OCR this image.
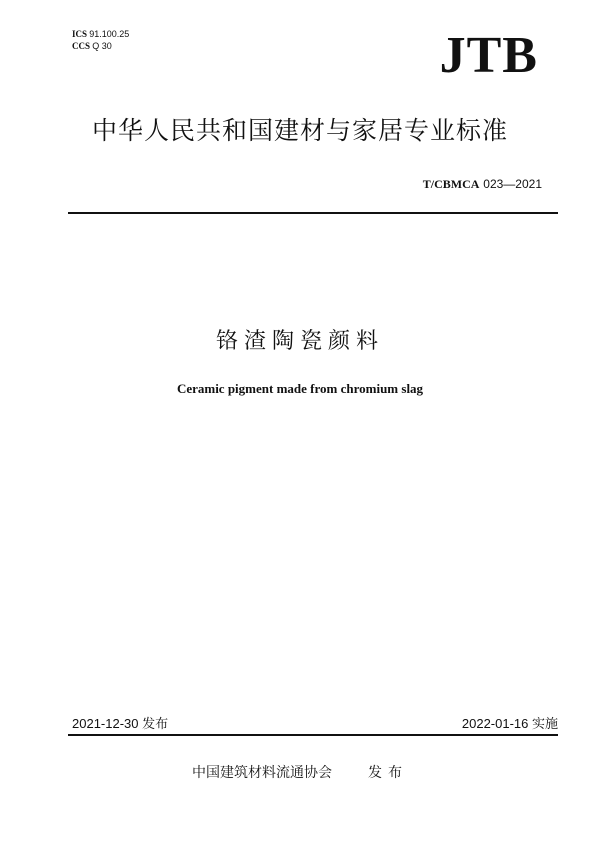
ICS 91.100.25
CCS Q 30	JTB
中华人民共和国建材与家居专业标准
T/CBMCA 023—2021
铬渣陶瓷颜料
Ceramic pigment made from chromium slag
2021-12-30 发布	2022-01-16 实施
中国建筑材料流通协会	发布
